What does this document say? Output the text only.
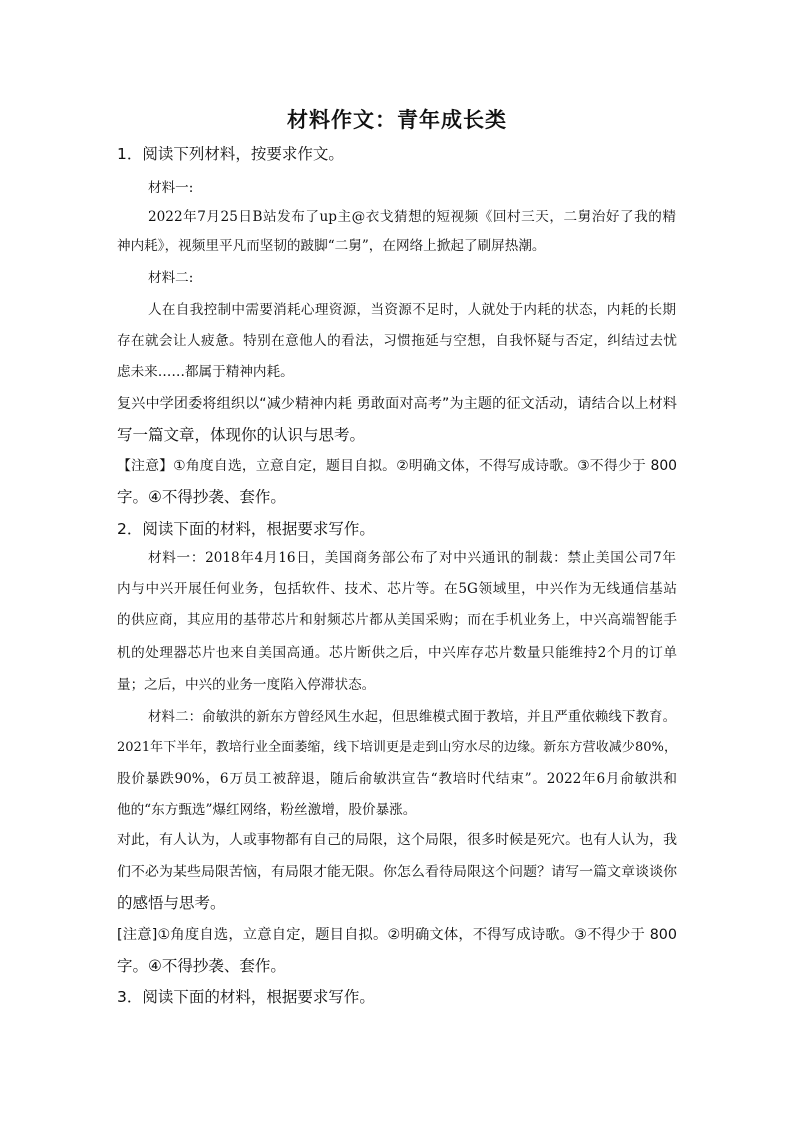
材料作文：青年成长类
1．阅读下列材料，按要求作文。
材料一:
2022年7月25日B站发布了up主@衣戈猜想的短视频《回村三天，二舅治好了我的精
神内耗》，视频里平凡而坚韧的跛脚“二舅”，在网络上掀起了刷屏热潮。
材料二:
人在自我控制中需要消耗心理资源，当资源不足时，人就处于内耗的状态，内耗的长期
存在就会让人疲惫。特别在意他人的看法，习惯拖延与空想，自我怀疑与否定，纠结过去忧
虑未来……都属于精神内耗。
复兴中学团委将组织以“减少精神内耗 勇敢面对高考”为主题的征文活动，请结合以上材料
写一篇文章，体现你的认识与思考。
【注意】①角度自选，立意自定，题目自拟。②明确文体，不得写成诗歌。③不得少于 800
字。④不得抄袭、套作。
2．阅读下面的材料，根据要求写作。
材料一：2018年4月16日，美国商务部公布了对中兴通讯的制裁：禁止美国公司7年
内与中兴开展任何业务，包括软件、技术、芯片等。在5G领域里，中兴作为无线通信基站
的供应商，其应用的基带芯片和射频芯片都从美国采购；而在手机业务上，中兴高端智能手
机的处理器芯片也来自美国高通。芯片断供之后，中兴库存芯片数量只能维持2个月的订单
量；之后，中兴的业务一度陷入停滞状态。
材料二：俞敏洪的新东方曾经风生水起，但思维模式囿于教培，并且严重依赖线下教育。
2021年下半年，教培行业全面萎缩，线下培训更是走到山穷水尽的边缘。新东方营收减少80%，
股价暴跌90%，6万员工被辞退，随后俞敏洪宣告“教培时代结束”。2022年6月俞敏洪和
他的“东方甄选”爆红网络，粉丝激增，股价暴涨。
对此，有人认为，人或事物都有自己的局限，这个局限，很多时候是死穴。也有人认为，我
们不必为某些局限苦恼，有局限才能无限。你怎么看待局限这个问题？请写一篇文章谈谈你
的感悟与思考。
[注意]①角度自选，立意自定，题目自拟。②明确文体，不得写成诗歌。③不得少于 800
字。④不得抄袭、套作。
3．阅读下面的材料，根据要求写作。
